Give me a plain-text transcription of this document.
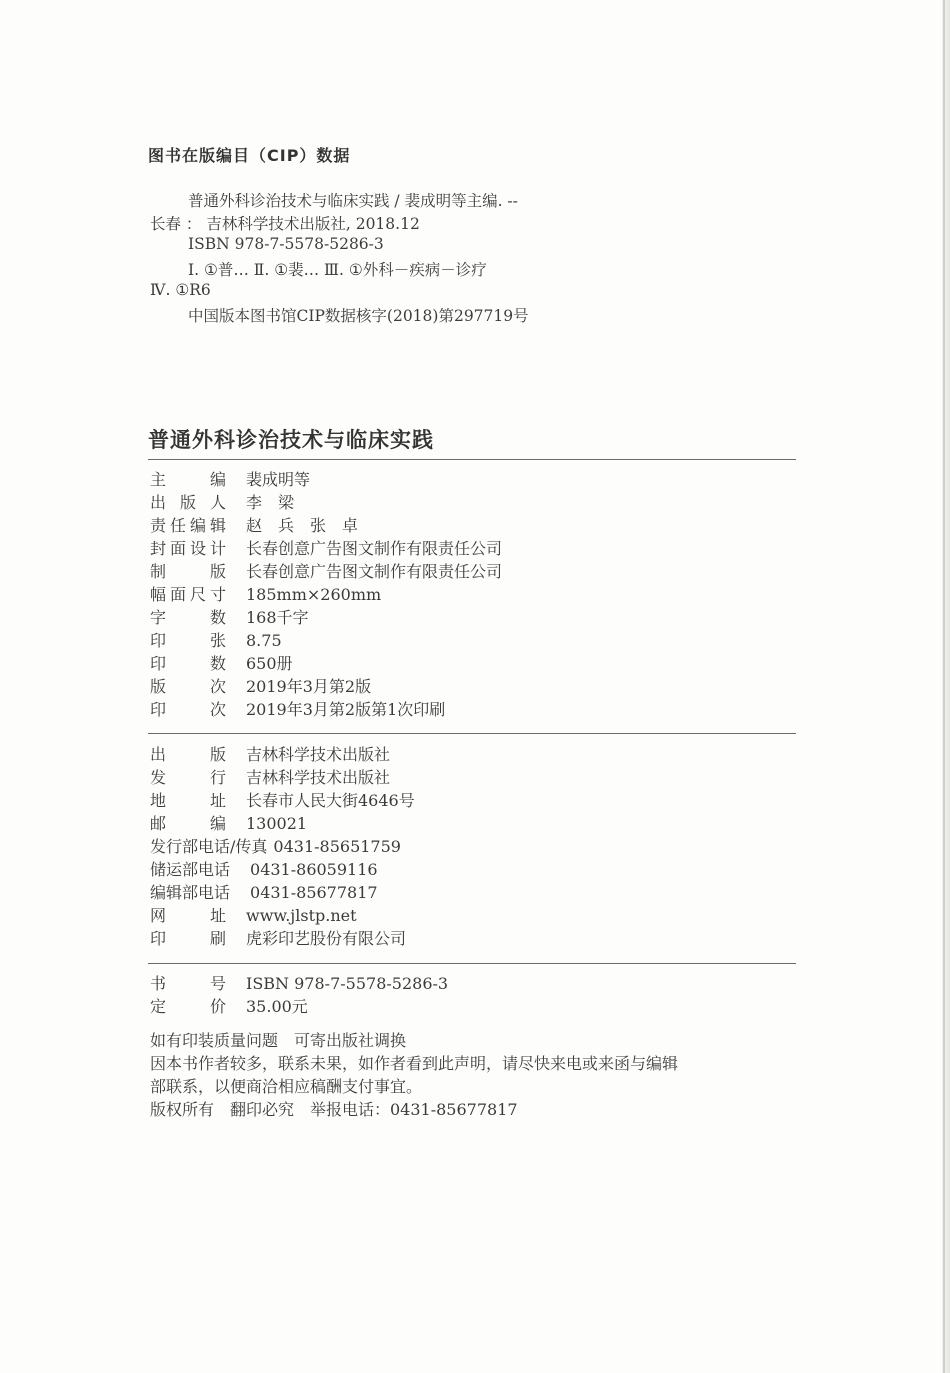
图书在版编目（CIP）数据
普通外科诊治技术与临床实践 / 裴成明等主编. --
长春 ： 吉林科学技术出版社, 2018.12
ISBN 978-7-5578-5286-3
Ⅰ. ①普… Ⅱ. ①裴… Ⅲ. ①外科－疾病－诊疗
Ⅳ. ①R6
中国版本图书馆CIP数据核字(2018)第297719号
普通外科诊治技术与临床实践
主编 裴成明等
出版人 李　梁
责任编辑 赵　兵　张　卓
封面设计 长春创意广告图文制作有限责任公司
制版 长春创意广告图文制作有限责任公司
幅面尺寸 185mm×260mm
字数 168千字
印张 8.75
印数 650册
版次 2019年3月第2版
印次 2019年3月第2版第1次印刷
出版 吉林科学技术出版社
发行 吉林科学技术出版社
地址 长春市人民大街4646号
邮编 130021
发行部电话/传真 0431-85651759
储运部电话 0431-86059116
编辑部电话 0431-85677817
网址 www.jlstp.net
印刷 虎彩印艺股份有限公司
书号 ISBN 978-7-5578-5286-3
定价 35.00元
如有印装质量问题　可寄出版社调换
因本书作者较多，联系未果，如作者看到此声明，请尽快来电或来函与编辑
部联系，以便商洽相应稿酬支付事宜。
版权所有　翻印必究　举报电话：0431-85677817
